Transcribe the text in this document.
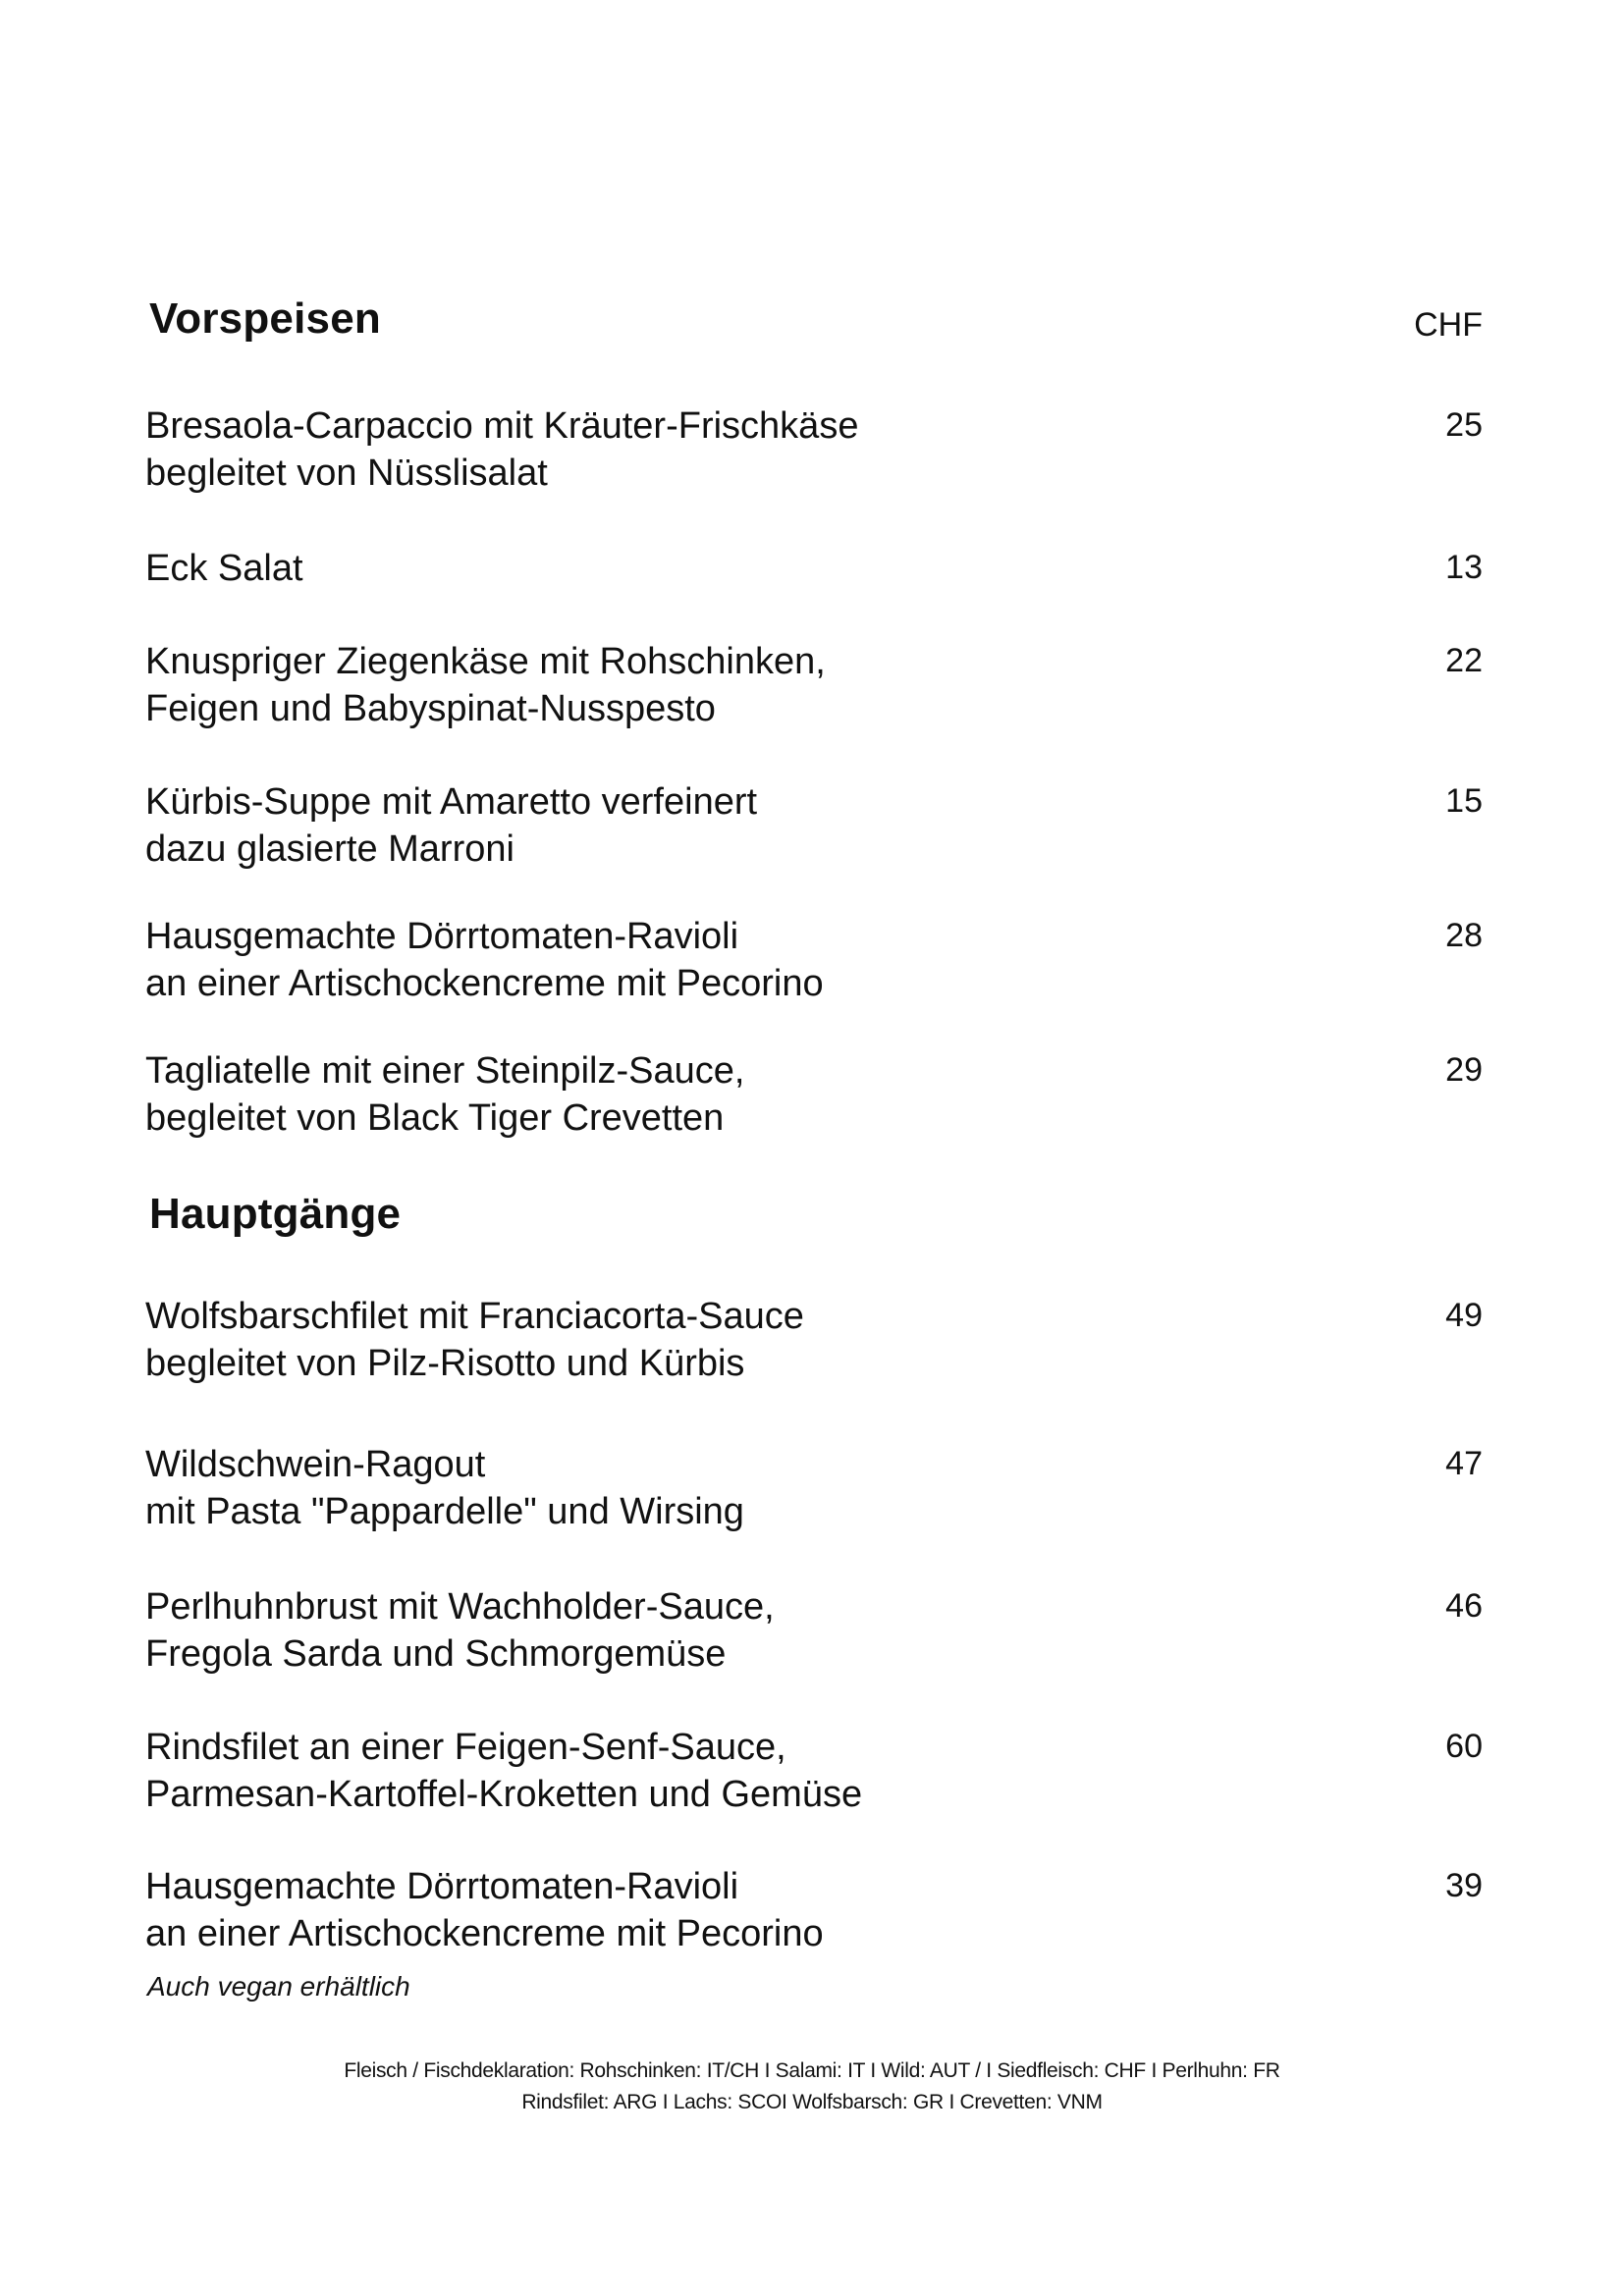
Vorspeisen	CHF
Bresaola-Carpaccio mit Kräuter-Frischkäse
begleitet von Nüsslisalat
25
Eck Salat	13
Knuspriger Ziegenkäse mit Rohschinken,
Feigen und Babyspinat-Nusspesto
22
Kürbis-Suppe mit Amaretto verfeinert
dazu glasierte Marroni
15
Hausgemachte Dörrtomaten-Ravioli
an einer Artischockencreme mit Pecorino
28
Tagliatelle mit einer Steinpilz-Sauce,
begleitet von Black Tiger Crevetten
29
Hauptgänge
Wolfsbarschfilet mit Franciacorta-Sauce
begleitet von Pilz-Risotto und Kürbis
49
Wildschwein-Ragout
mit Pasta "Pappardelle" und Wirsing
47
Perlhuhnbrust mit Wachholder-Sauce,
Fregola Sarda und Schmorgemüse
46
Rindsfilet an einer Feigen-Senf-Sauce,
Parmesan-Kartoffel-Kroketten und Gemüse
60
Hausgemachte Dörrtomaten-Ravioli
an einer Artischockencreme mit Pecorino
39
Auch vegan erhältlich
Fleisch / Fischdeklaration: Rohschinken: IT/CH I Salami: IT I Wild: AUT / I Siedfleisch: CHF I Perlhuhn: FR
Rindsfilet: ARG I Lachs: SCOI Wolfsbarsch: GR I Crevetten: VNM
